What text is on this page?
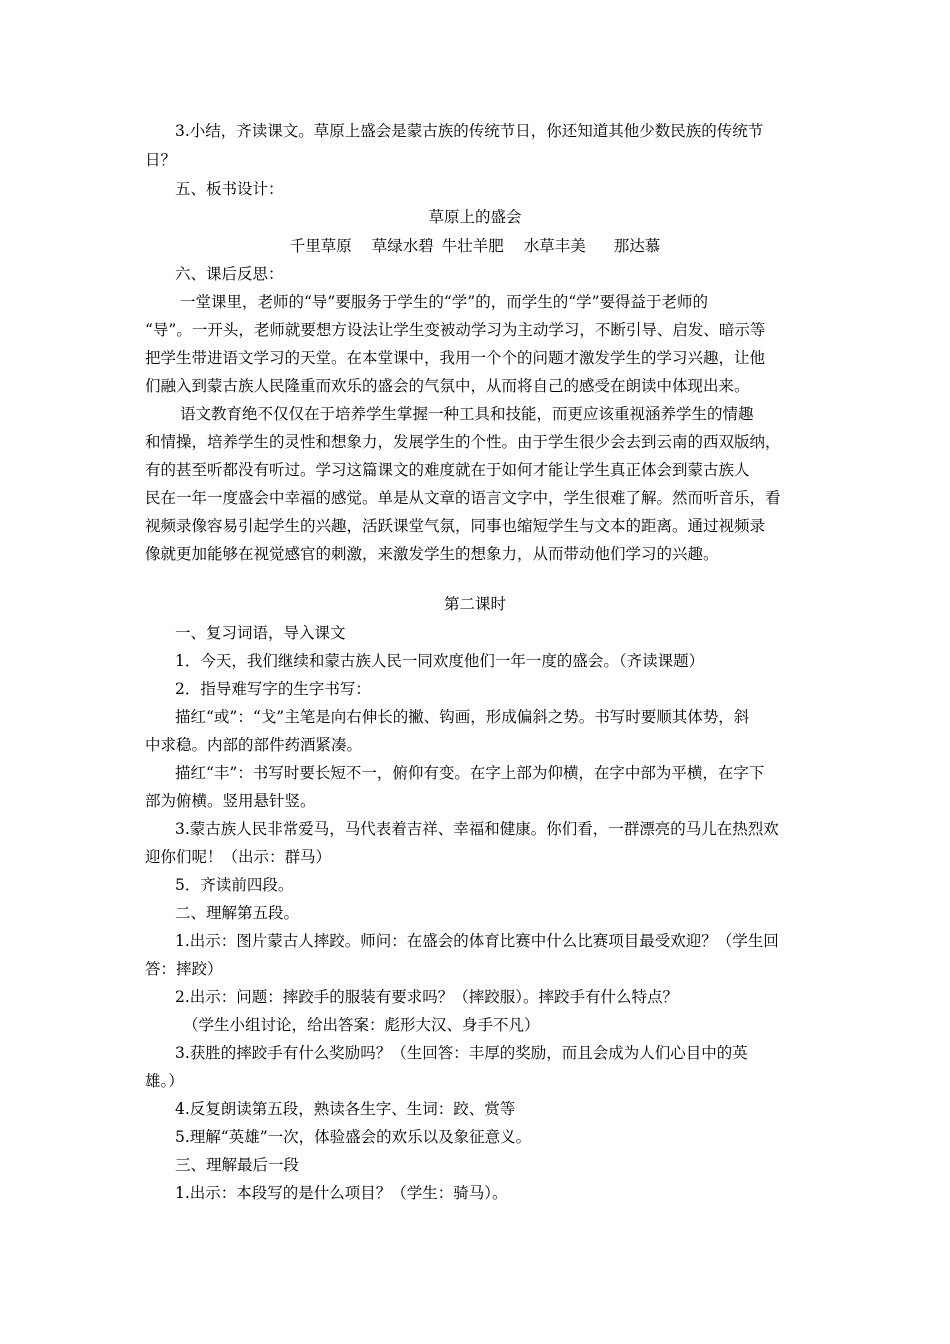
3.小结，齐读课文。草原上盛会是蒙古族的传统节日，你还知道其他少数民族的传统节
日？
五、板书设计：
草原上的盛会
千里草原 草绿水碧 牛壮羊肥 水草丰美 那达慕
六、课后反思：
一堂课里，老师的“导”要服务于学生的“学”的，而学生的“学”要得益于老师的
“导”。一开头，老师就要想方设法让学生变被动学习为主动学习，不断引导、启发、暗示等
把学生带进语文学习的天堂。在本堂课中，我用一个个的问题才激发学生的学习兴趣，让他
们融入到蒙古族人民隆重而欢乐的盛会的气氛中，从而将自己的感受在朗读中体现出来。
语文教育绝不仅仅在于培养学生掌握一种工具和技能，而更应该重视涵养学生的情趣
和情操，培养学生的灵性和想象力，发展学生的个性。由于学生很少会去到云南的西双版纳，
有的甚至听都没有听过。学习这篇课文的难度就在于如何才能让学生真正体会到蒙古族人
民在一年一度盛会中幸福的感觉。单是从文章的语言文字中，学生很难了解。然而听音乐，看
视频录像容易引起学生的兴趣，活跃课堂气氛，同事也缩短学生与文本的距离。通过视频录
像就更加能够在视觉感官的刺激，来激发学生的想象力，从而带动他们学习的兴趣。
第二课时
一、复习词语，导入课文
1．今天，我们继续和蒙古族人民一同欢度他们一年一度的盛会。（齐读课题）
2．指导难写字的生字书写：
描红“或”：“戈”主笔是向右伸长的撇、钩画，形成偏斜之势。书写时要顺其体势，斜
中求稳。内部的部件药酒紧凑。
描红“丰”：书写时要长短不一，俯仰有变。在字上部为仰横，在字中部为平横，在字下
部为俯横。竖用悬针竖。
3.蒙古族人民非常爱马，马代表着吉祥、幸福和健康。你们看，一群漂亮的马儿在热烈欢
迎你们呢！（出示：群马）
5．齐读前四段。
二、理解第五段。
1.出示：图片蒙古人摔跤。师问：在盛会的体育比赛中什么比赛项目最受欢迎？（学生回
答：摔跤）
2.出示：问题：摔跤手的服装有要求吗？（摔跤服）。摔跤手有什么特点？
（学生小组讨论，给出答案：彪形大汉、身手不凡）
3.获胜的摔跤手有什么奖励吗？（生回答：丰厚的奖励，而且会成为人们心目中的英
雄。）
4.反复朗读第五段，熟读各生字、生词：跤、赏等
5.理解“英雄”一次，体验盛会的欢乐以及象征意义。
三、理解最后一段
1.出示：本段写的是什么项目？（学生：骑马）。
